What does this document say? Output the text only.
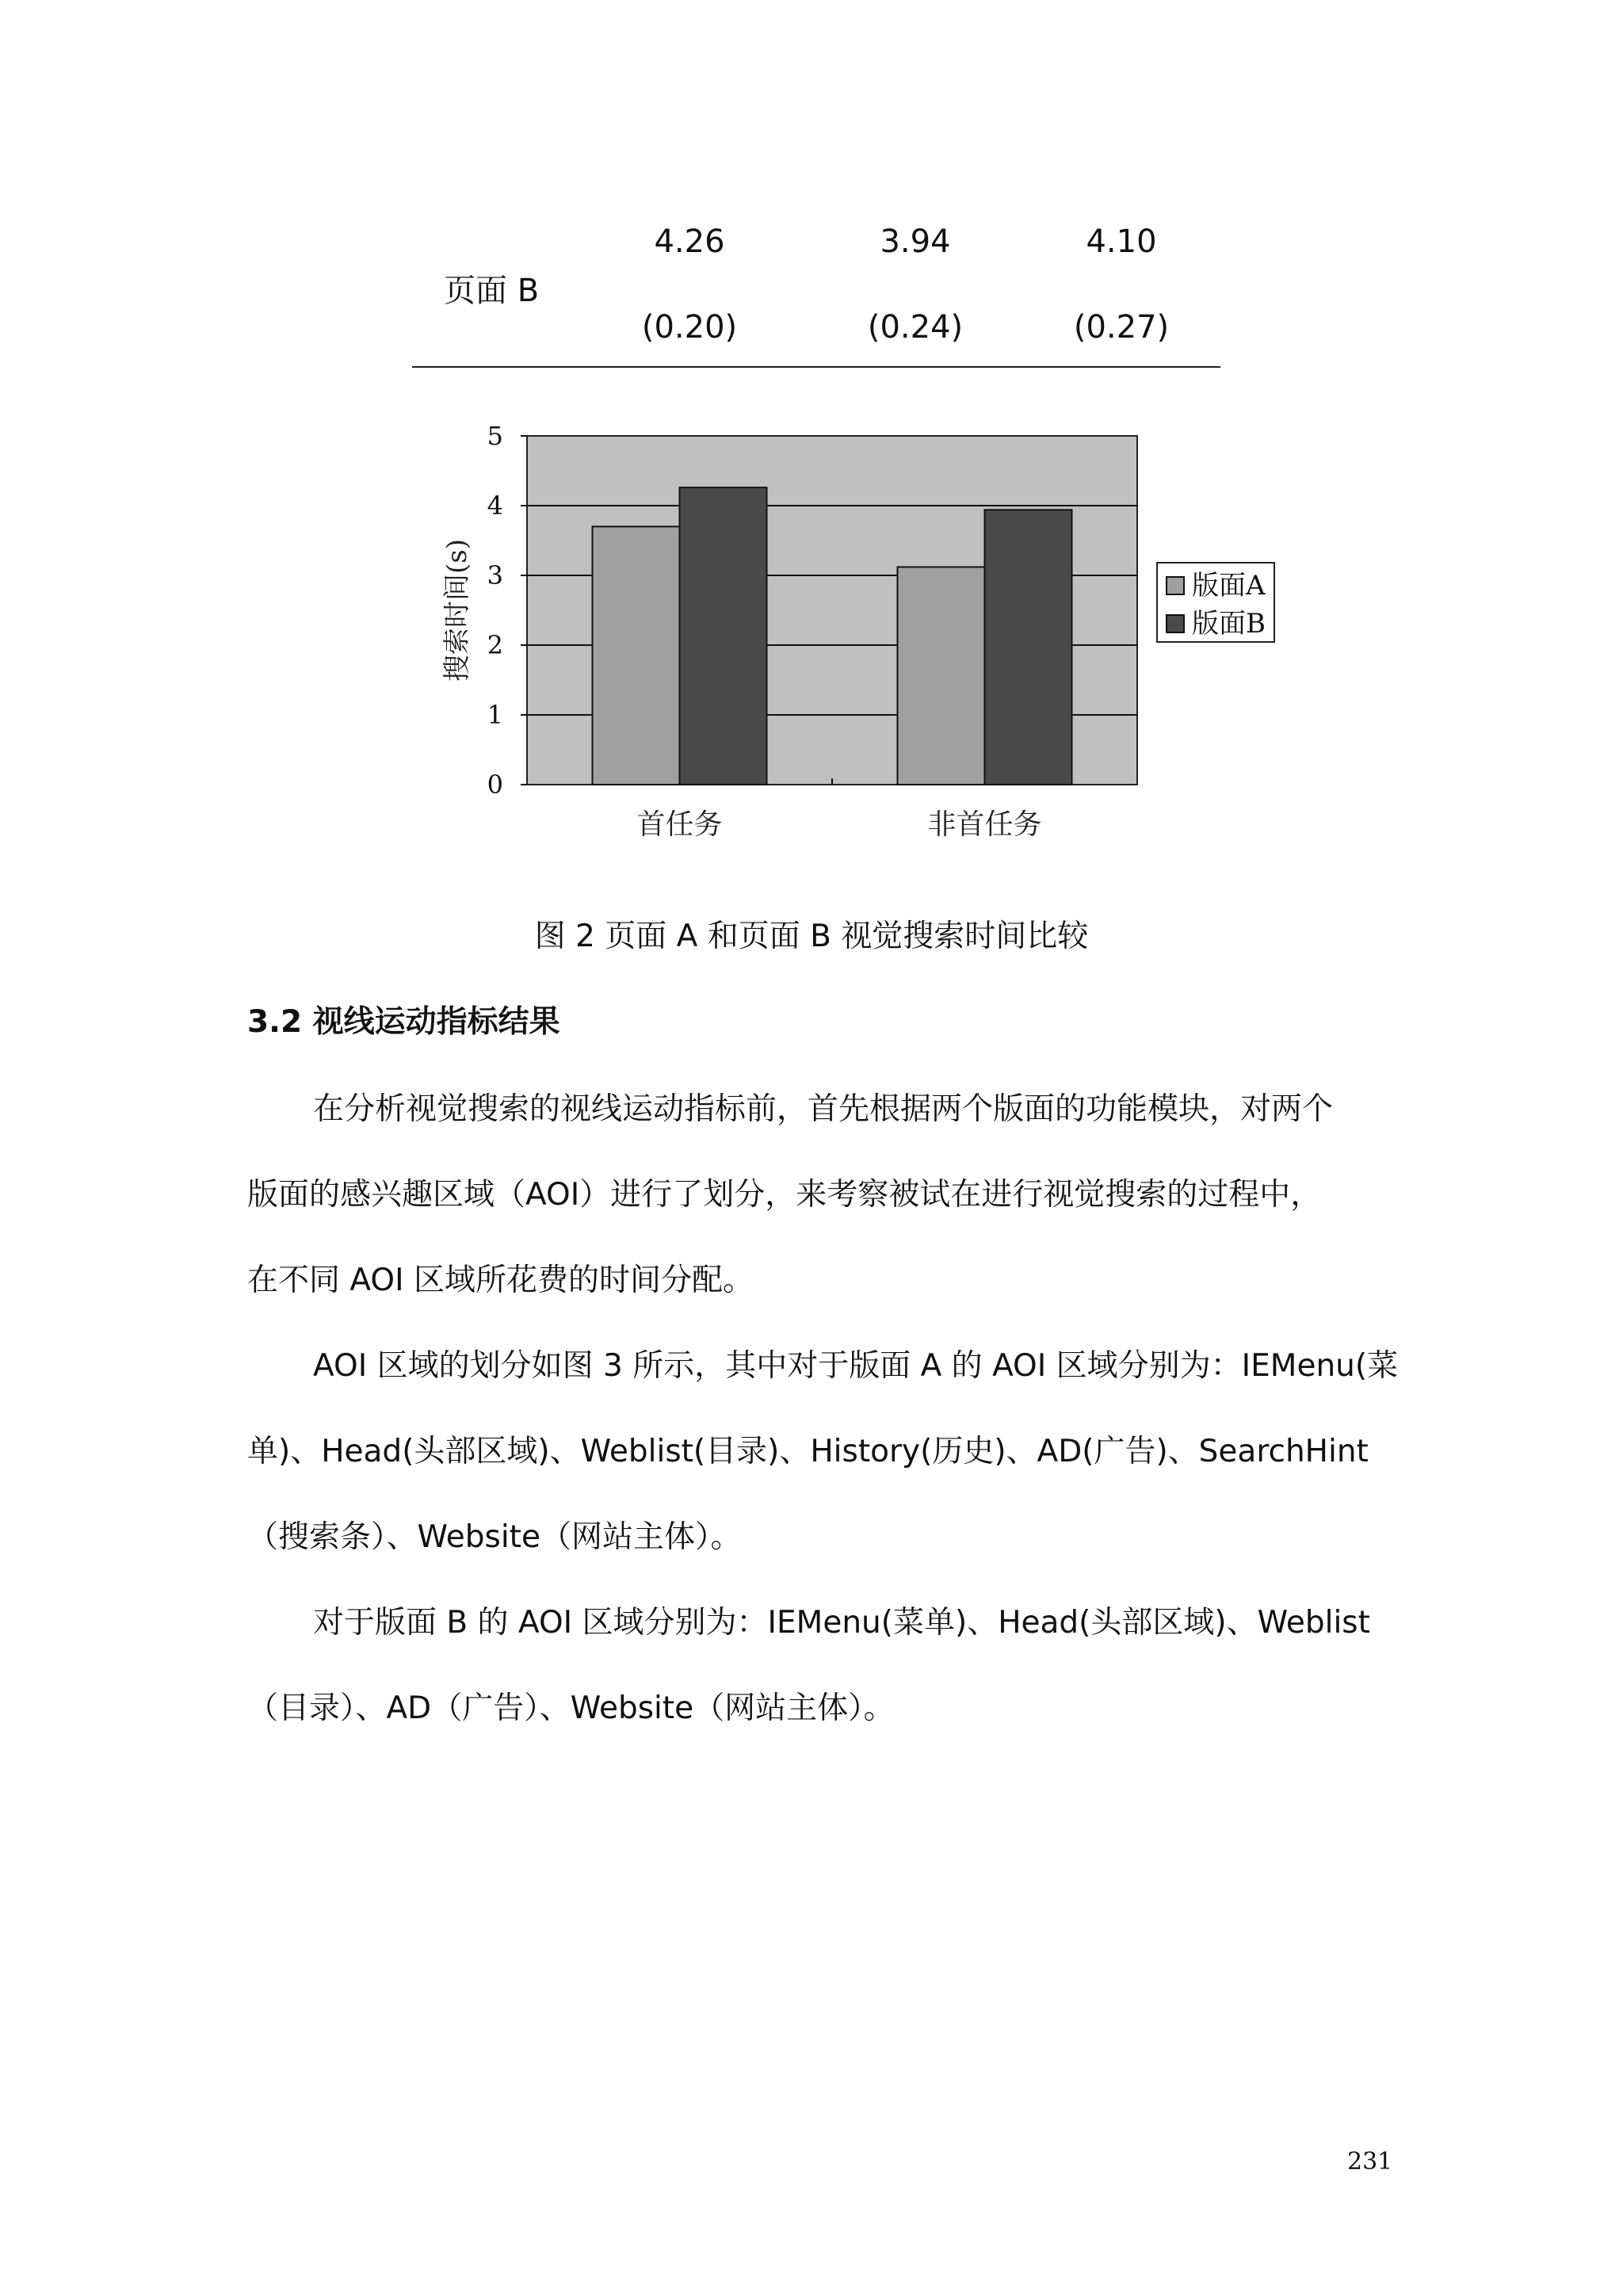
页面 B
4.26	3.94	4.10
(0.20)	(0.24)	(0.27)
0
1
2
3
4
5
首任务	非首任务
搜索时间(s)	版面A
版面B
图 2 页面 A 和页面 B 视觉搜索时间比较
3.2 视线运动指标结果
在分析视觉搜索的视线运动指标前，首先根据两个版面的功能模块，对两个
版面的感兴趣区域（AOI）进行了划分，来考察被试在进行视觉搜索的过程中，
在不同 AOI 区域所花费的时间分配。
AOI 区域的划分如图 3 所示，其中对于版面 A 的 AOI 区域分别为：IEMenu(菜
单)、Head(头部区域)、Weblist(目录)、History(历史)、AD(广告)、SearchHint
（搜索条）、Website（网站主体）。
对于版面 B 的 AOI 区域分别为：IEMenu(菜单)、Head(头部区域)、Weblist
（目录）、AD（广告）、Website（网站主体）。
231
